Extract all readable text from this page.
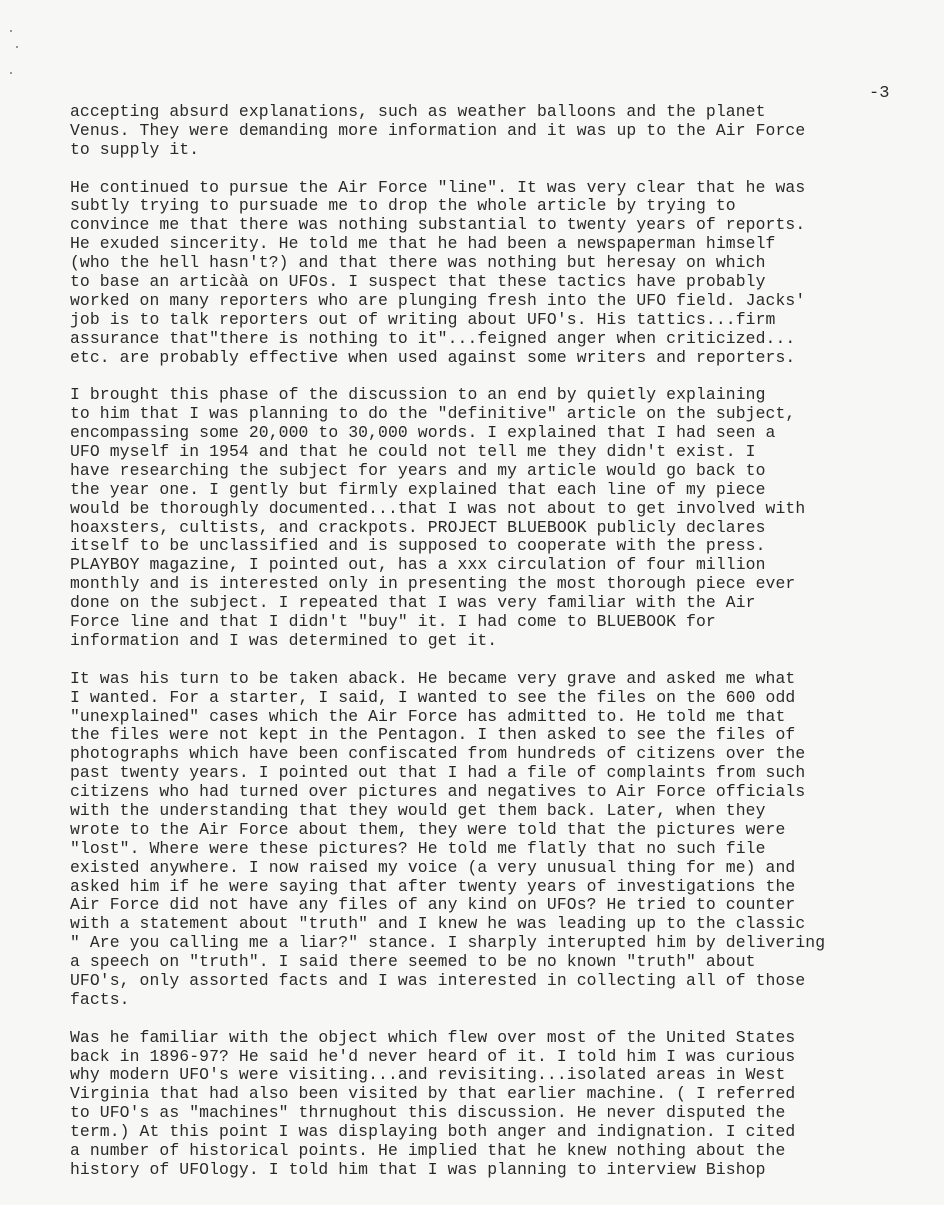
-3
accepting absurd explanations, such as weather balloons and the planet
Venus. They were demanding more information and it was up to the Air Force
to supply it.
He continued to pursue the Air Force "line". It was very clear that he was
subtly trying to pursuade me to drop the whole article by trying to
convince me that there was nothing substantial to twenty years of reports.
He exuded sincerity. He told me that he had been a newspaperman himself
(who the hell hasn't?) and that there was nothing but heresay on which
to base an articàà on UFOs. I suspect that these tactics have probably
worked on many reporters who are plunging fresh into the UFO field. Jacks'
job is to talk reporters out of writing about UFO's. His tattics...firm
assurance that"there is nothing to it"...feigned anger when criticized...
etc. are probably effective when used against some writers and reporters.
I brought this phase of the discussion to an end by quietly explaining
to him that I was planning to do the "definitive" article on the subject,
encompassing some 20,000 to 30,000 words. I explained that I had seen a
UFO myself in 1954 and that he could not tell me they didn't exist. I
have researching the subject for years and my article would go back to
the year one. I gently but firmly explained that each line of my piece
would be thoroughly documented...that I was not about to get involved with
hoaxsters, cultists, and crackpots. PROJECT BLUEBOOK publicly declares
itself to be unclassified and is supposed to cooperate with the press.
PLAYBOY magazine, I pointed out, has a xxx circulation of four million
monthly and is interested only in presenting the most thorough piece ever
done on the subject. I repeated that I was very familiar with the Air
Force line and that I didn't "buy" it. I had come to BLUEBOOK for
information and I was determined to get it.
It was his turn to be taken aback. He became very grave and asked me what
I wanted. For a starter, I said, I wanted to see the files on the 600 odd
"unexplained" cases which the Air Force has admitted to. He told me that
the files were not kept in the Pentagon. I then asked to see the files of
photographs which have been confiscated from hundreds of citizens over the
past twenty years. I pointed out that I had a file of complaints from such
citizens who had turned over pictures and negatives to Air Force officials
with the understanding that they would get them back. Later, when they
wrote to the Air Force about them, they were told that the pictures were
"lost". Where were these pictures? He told me flatly that no such file
existed anywhere. I now raised my voice (a very unusual thing for me) and
asked him if he were saying that after twenty years of investigations the
Air Force did not have any files of any kind on UFOs? He tried to counter
with a statement about "truth" and I knew he was leading up to the classic
" Are you calling me a liar?" stance. I sharply interupted him by delivering
a speech on "truth". I said there seemed to be no known "truth" about
UFO's, only assorted facts and I was interested in collecting all of those
facts.
Was he familiar with the object which flew over most of the United States
back in 1896-97? He said he'd never heard of it. I told him I was curious
why modern UFO's were visiting...and revisiting...isolated areas in West
Virginia that had also been visited by that earlier machine. ( I referred
to UFO's as "machines" thrnughout this discussion. He never disputed the
term.) At this point I was displaying both anger and indignation. I cited
a number of historical points. He implied that he knew nothing about the
history of UFOlogy. I told him that I was planning to interview Bishop
